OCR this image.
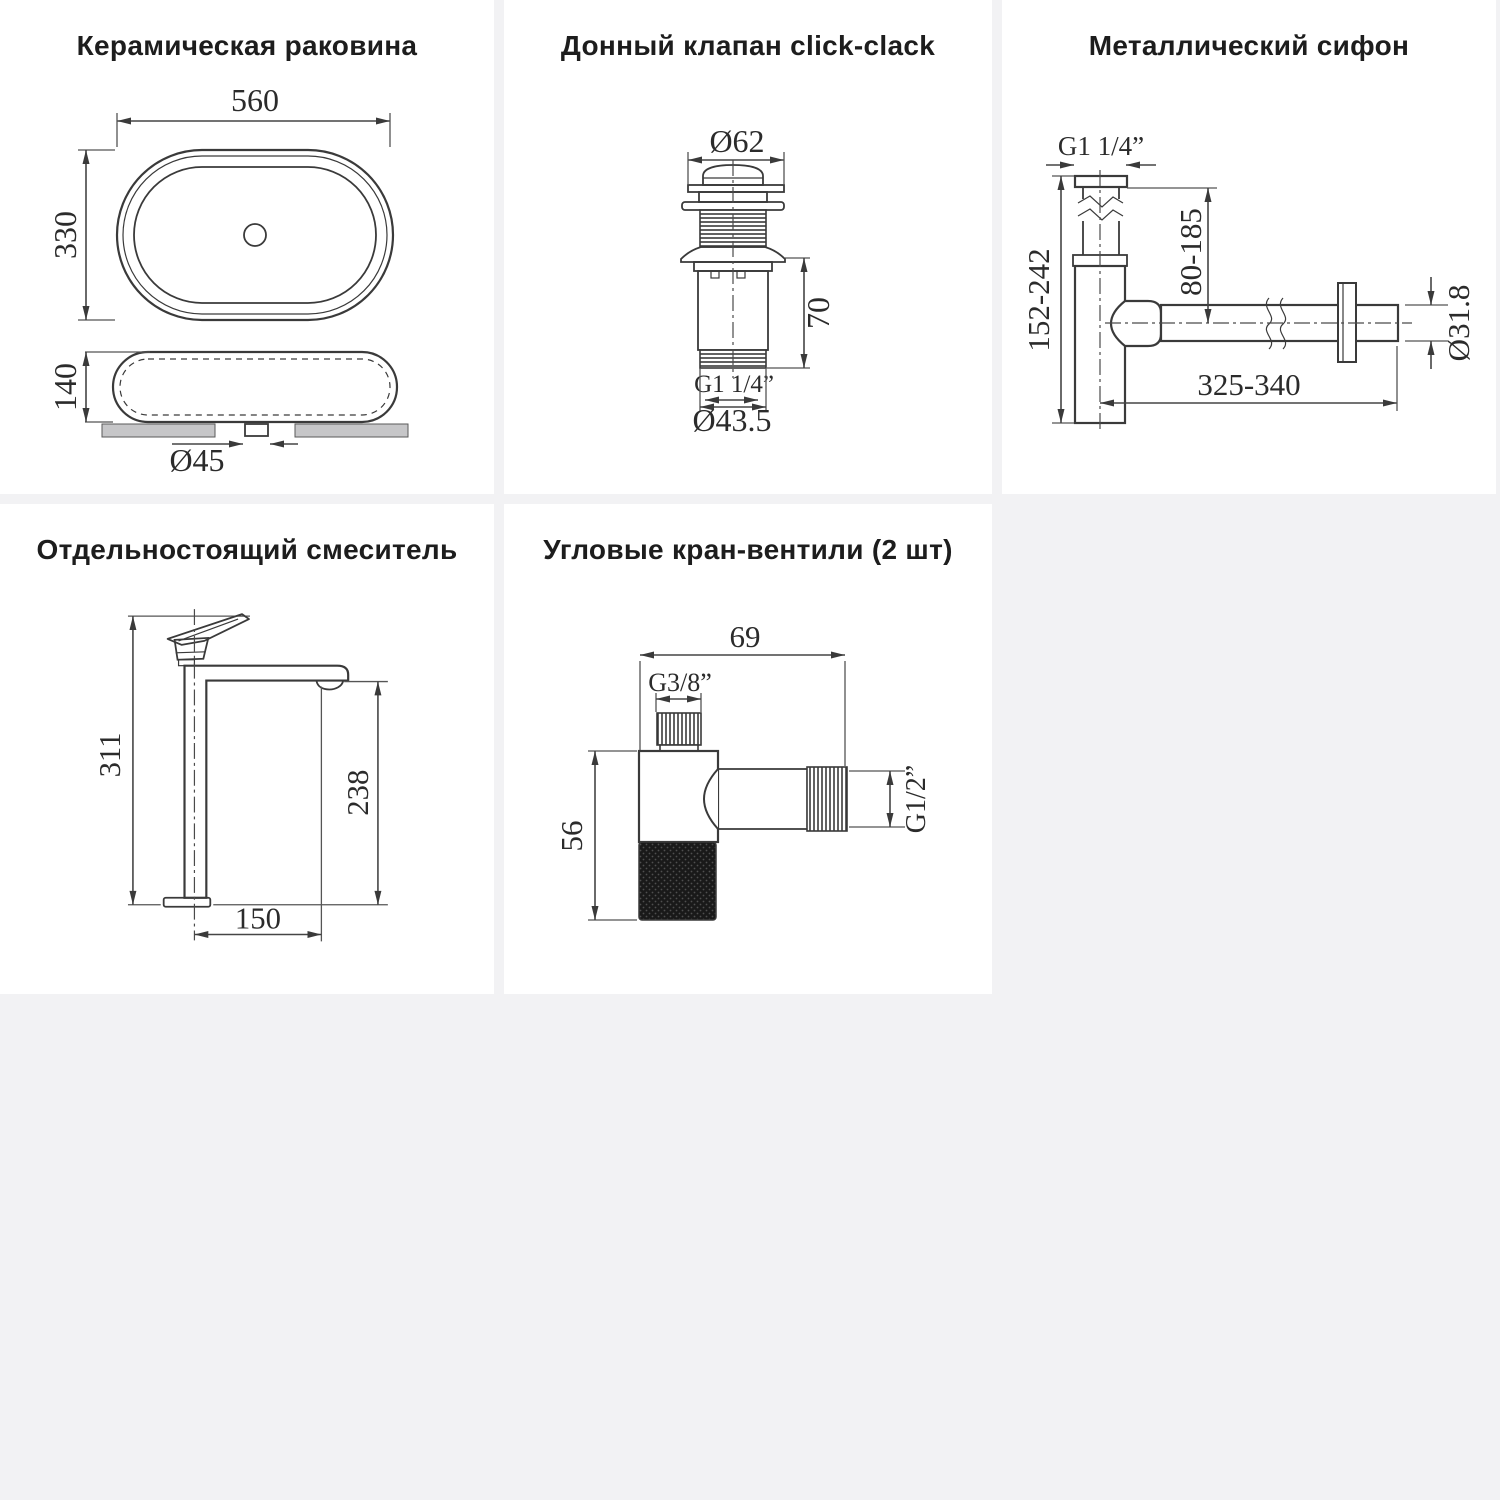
Керамическая раковина
560
330
140
Ø45
Донный клапан click-clack
Ø62
70
G1 1/4”
Ø43.5
Металлический сифон
G1 1/4”
80-185
152-242	Ø31.8
325-340
Отдельностоящий смеситель
311
238
150
Угловые кран-вентили (2 шт)
69
G3/8”
56
G1/2”
